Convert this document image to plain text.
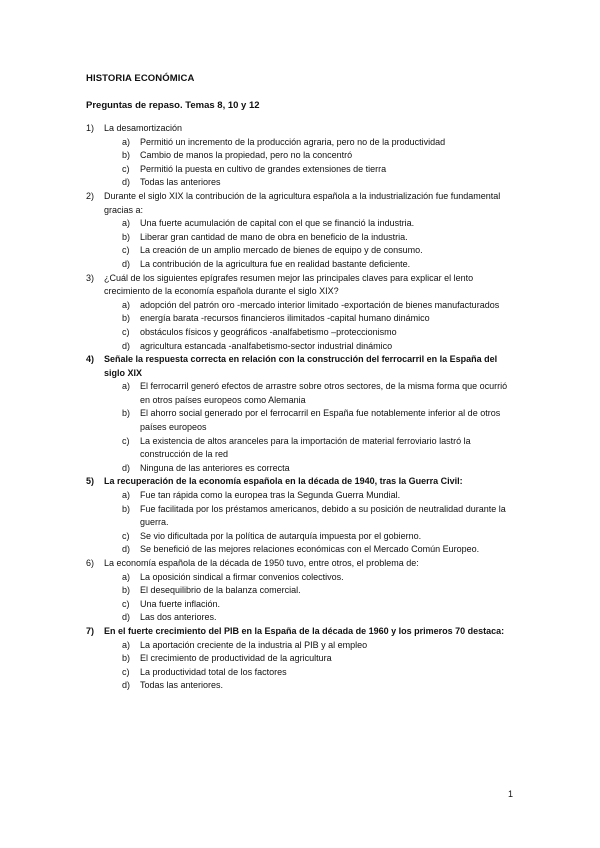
HISTORIA ECONÓMICA
Preguntas de repaso. Temas 8, 10 y 12
1) La desamortización
a) Permitió un incremento de la producción agraria, pero no de la productividad
b) Cambio de manos la propiedad, pero no la concentró
c) Permitió la puesta en cultivo de grandes extensiones de tierra
d) Todas las anteriores
2) Durante el siglo XIX la contribución de la agricultura española a la industrialización fue fundamental gracias a:
a) Una fuerte acumulación de capital con el que se financió la industria.
b) Liberar gran cantidad de mano de obra en beneficio de la industria.
c) La creación de un amplio mercado de bienes de equipo y de consumo.
d) La contribución de la agricultura fue en realidad bastante deficiente.
3) ¿Cuál de los siguientes epígrafes resumen mejor las principales claves para explicar el lento crecimiento de la economía española durante el siglo XIX?
a) adopción del patrón oro -mercado interior limitado -exportación de bienes manufacturados
b) energía barata -recursos financieros ilimitados -capital humano dinámico
c) obstáculos físicos y geográficos -analfabetismo –proteccionismo
d) agricultura estancada -analfabetismo-sector industrial dinámico
4) Señale la respuesta correcta en relación con la construcción del ferrocarril en la España del siglo XIX
a) El ferrocarril generó efectos de arrastre sobre otros sectores, de la misma forma que ocurrió en otros países europeos como Alemania
b) El ahorro social generado por el ferrocarril en España fue notablemente inferior al de otros países europeos
c) La existencia de altos aranceles para la importación de material ferroviario lastró la construcción de la red
d) Ninguna de las anteriores es correcta
5) La recuperación de la economía española en la década de 1940, tras la Guerra Civil:
a) Fue tan rápida como la europea tras la Segunda Guerra Mundial.
b) Fue facilitada por los préstamos americanos, debido a su posición de neutralidad durante la guerra.
c) Se vio dificultada por la política de autarquía impuesta por el gobierno.
d) Se benefició de las mejores relaciones económicas con el Mercado Común Europeo.
6) La economía española de la década de 1950 tuvo, entre otros, el problema de:
a) La oposición sindical a firmar convenios colectivos.
b) El desequilibrio de la balanza comercial.
c) Una fuerte inflación.
d) Las dos anteriores.
7) En el fuerte crecimiento del PIB en la España de la década de 1960 y los primeros 70 destaca:
a) La aportación creciente de la industria al PIB y al empleo
b) El crecimiento de productividad de la agricultura
c) La productividad total de los factores
d) Todas las anteriores.
1
